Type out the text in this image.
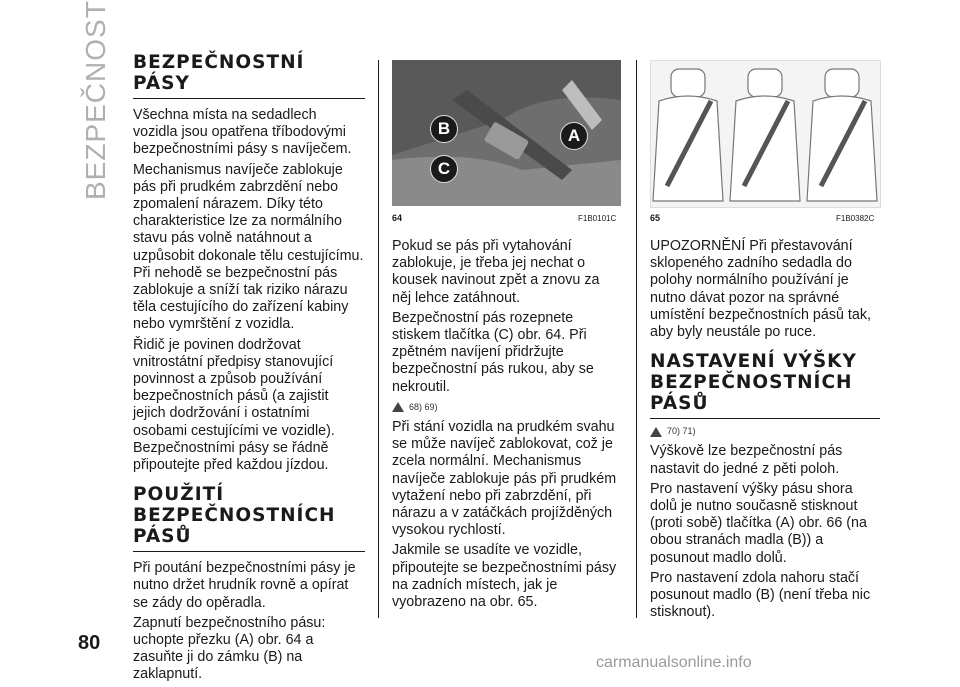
BEZPEČNOST BEZPEČNOSTNÍ PÁSY

Všechna místa na sedadlech vozidla jsou opatřena tříbodovými bezpečnostními pásy s navíječem.

Mechanismus navíječe zablokuje pás při prudkém zabrzdění nebo zpomalení nárazem. Díky této charakteristice lze za normálního stavu pás volně natáhnout a uzpůsobit dokonale tělu cestujícímu. Při nehodě se bezpečnostní pás zablokuje a sníží tak riziko nárazu těla cestujícího do zařízení kabiny nebo vymrštění z vozidla.

Řidič je povinen dodržovat vnitrostátní předpisy stanovující povinnost a způsob používání bezpečnostních pásů (a zajistit jejich dodržování i ostatními osobami cestujícími ve vozidle). Bezpečnostními pásy se řádně připoutejte před každou jízdou.

POUŽITÍ BEZPEČNOSTNÍCH PÁSŮ

Při poutání bezpečnostními pásy je nutno držet hrudník rovně a opírat se zády do opěradla.

Zapnutí bezpečnostního pásu: uchopte přezku (A) obr. 64 a zasuňte ji do zámku (B) na zaklapnutí.

A
B
C
64	F1B0101C

Pokud se pás při vytahování zablokuje, je třeba jej nechat o kousek navinout zpět a znovu za něj lehce zatáhnout.

Bezpečnostní pás rozepnete stiskem tlačítka (C) obr. 64. Při zpětném navíjení přidržujte bezpečnostní pás rukou, aby se nekroutil.

68) 69)

Při stání vozidla na prudkém svahu se může navíječ zablokovat, což je zcela normální. Mechanismus navíječe zablokuje pás při prudkém vytažení nebo při zabrzdění, při nárazu a v zatáčkách projížděných vysokou rychlostí.

Jakmile se usadíte ve vozidle, připoutejte se bezpečnostními pásy na zadních místech, jak je vyobrazeno na obr. 65.

65	F1B0382C

UPOZORNĚNÍ Při přestavování sklopeného zadního sedadla do polohy normálního používání je nutno dávat pozor na správné umístění bezpečnostních pásů tak, aby byly neustále po ruce.

NASTAVENÍ VÝŠKY BEZPEČNOSTNÍCH PÁSŮ
70) 71)

Výškově lze bezpečnostní pás nastavit do jedné z pěti poloh.

Pro nastavení výšky pásu shora dolů je nutno současně stisknout (proti sobě) tlačítka (A) obr. 66 (na obou stranách madla (B)) a posunout madlo dolů.

Pro nastavení zdola nahoru stačí posunout madlo (B) (není třeba nic stisknout).

80
carmanualsonline.info
